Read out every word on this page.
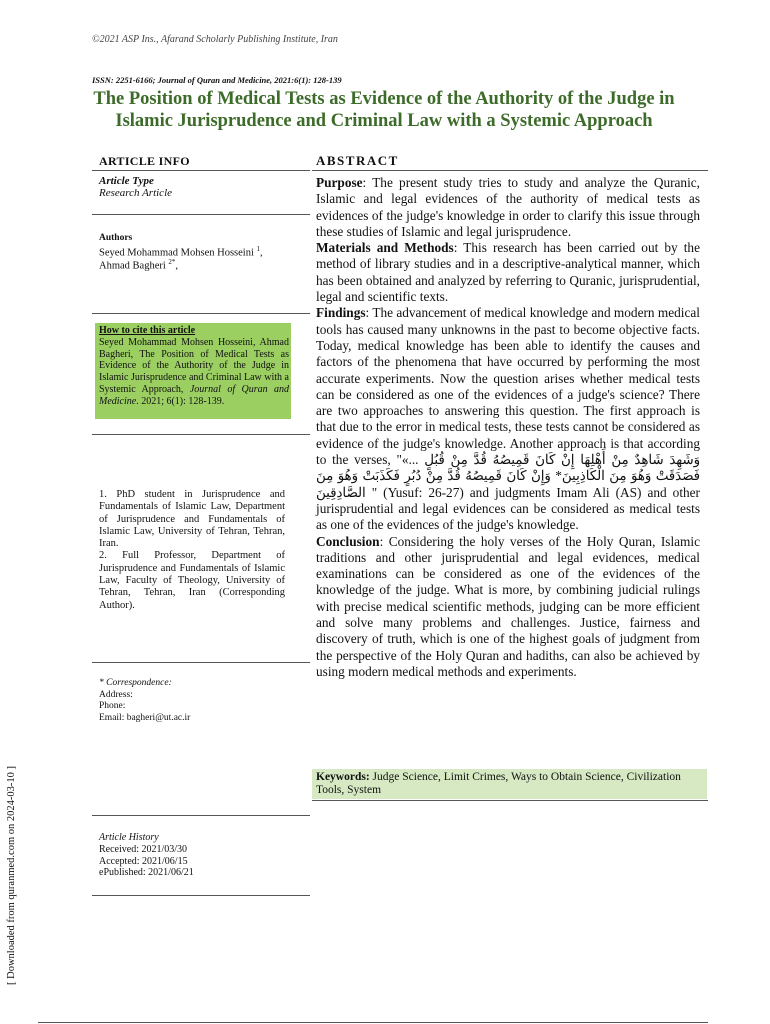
©2021 ASP Ins., Afarand Scholarly Publishing Institute, Iran
ISSN: 2251-6166; Journal of Quran and Medicine, 2021:6(1): 128-139
The Position of Medical Tests as Evidence of the Authority of the Judge in Islamic Jurisprudence and Criminal Law with a Systemic Approach
ARTICLE INFO	ABSTRACT
Article Type
Research Article
Authors
Seyed Mohammad Mohsen Hosseini $^1$,
Ahmad Bagheri $^{2*}$,
How to cite this article
Seyed Mohammad Mohsen Hosseini, Ahmad Bagheri, The Position of Medical Tests as Evidence of the Authority of the Judge in Islamic Jurisprudence and Criminal Law with a Systemic Approach, Journal of Quran and Medicine. 2021; 6(1): 128-139.

1. PhD student in Jurisprudence and Fundamentals of Islamic Law, Department of Jurisprudence and Fundamentals of Islamic Law, University of Tehran, Tehran, Iran.

2. Full Professor, Department of Jurisprudence and Fundamentals of Islamic Law, Faculty of Theology, University of Tehran, Tehran, Iran (Corresponding Author).

* Correspondence:
Address:
Phone:
Email: bagheri@ut.ac.ir
Article History
Received: 2021/03/30
Accepted: 2021/06/15
ePublished: 2021/06/21

Purpose: The present study tries to study and analyze the Quranic, Islamic and legal evidences of the authority of medical tests as evidences of the judge's knowledge in order to clarify this issue through these studies of Islamic and legal jurisprudence.

Materials and Methods: This research has been carried out by the method of library studies and in a descriptive-analytical manner, which has been obtained and analyzed by referring to Quranic, jurisprudential, legal and scientific texts.

Findings: The advancement of medical knowledge and modern medical tools has caused many unknowns in the past to become objective facts. Today, medical knowledge has been able to identify the causes and factors of the phenomena that have occurred by performing the most accurate experiments. Now the question arises whether medical tests can be considered as one of the evidences of a judge's science? There are two approaches to answering this question. The first approach is that due to the error in medical tests, these tests cannot be considered as evidence of the judge's knowledge. Another approach is that according to the verses, "«... وَشَهِدَ شَاهِدٌ مِنْ أَهْلِهَا إِنْ كَانَ قَمِيصُهُ قُدَّ مِنْ قُبُلٍ فَصَدَقَتْ وَهُوَ مِنَ الْكَاذِبِينَ* وَإِنْ كَانَ قَمِيصُهُ قُدَّ مِنْ دُبُرٍ فَكَذَبَتْ وَهُوَ مِنَ الصَّادِقِينَ " (Yusuf: 26-27) and judgments Imam Ali (AS) and other jurisprudential and legal evidences can be considered as medical tests as one of the evidences of the judge's knowledge.

Conclusion: Considering the holy verses of the Holy Quran, Islamic traditions and other jurisprudential and legal evidences, medical examinations can be considered as one of the evidences of the knowledge of the judge. What is more, by combining judicial rulings with precise medical scientific methods, judging can be more efficient and solve many problems and challenges. Justice, fairness and discovery of truth, which is one of the highest goals of judgment from the perspective of the Holy Quran and hadiths, can also be achieved by using modern medical methods and experiments.

Keywords: Judge Science, Limit Crimes, Ways to Obtain Science, Civilization Tools, System
[ Downloaded from quranmed.com on 2024-03-10 ]
